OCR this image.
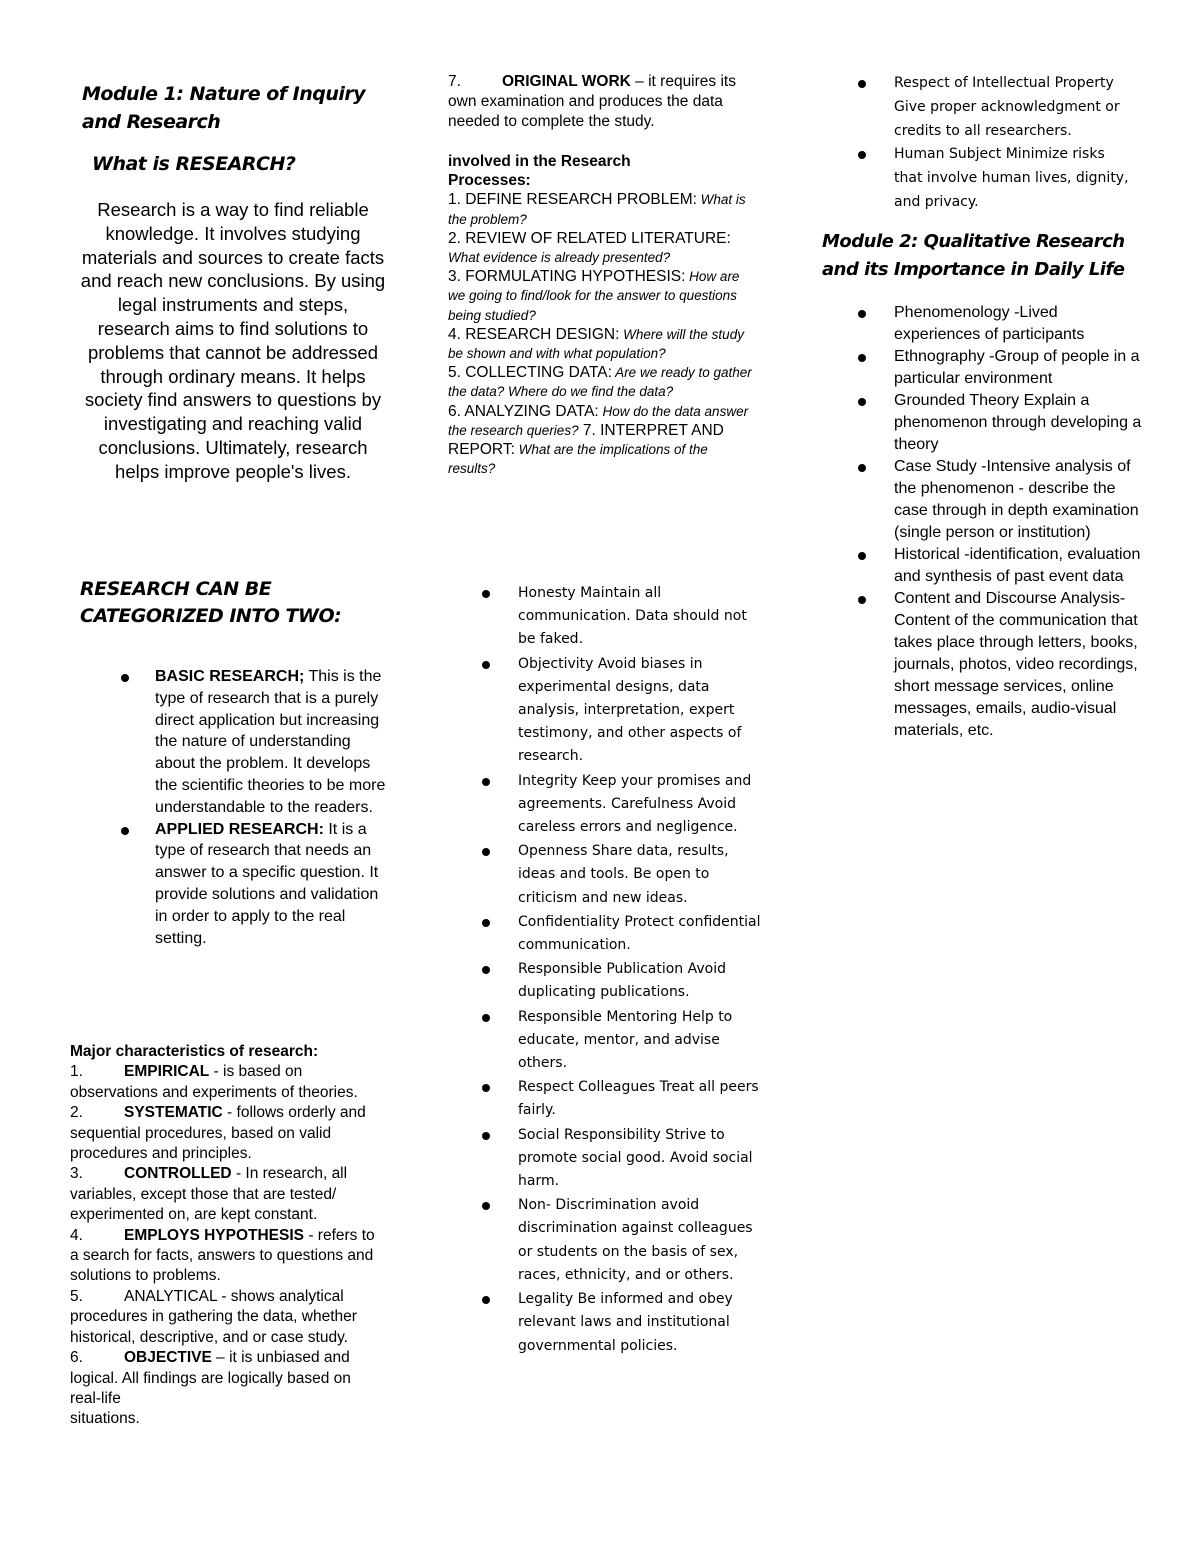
Module 1: Nature of Inquiry and Research

What is RESEARCH?

Research is a way to find reliable knowledge. It involves studying materials and sources to create facts and reach new conclusions. By using legal instruments and steps, research aims to find solutions to problems that cannot be addressed through ordinary means. It helps society find answers to questions by investigating and reaching valid conclusions. Ultimately, research helps improve people's lives.

RESEARCH CAN BE CATEGORIZED INTO TWO:

BASIC RESEARCH; This is the type of research that is a purely direct application but increasing the nature of understanding about the problem. It develops the scientific theories to be more understandable to the readers.
APPLIED RESEARCH: It is a type of research that needs an answer to a specific question. It provide solutions and validation in order to apply to the real setting.

Major characteristics of research:

1.	EMPIRICAL - is based on observations and experiments of theories.

2.	SYSTEMATIC - follows orderly and sequential procedures, based on valid procedures and principles.

3.	CONTROLLED - In research, all variables, except those that are tested/ experimented on, are kept constant.

4.	EMPLOYS HYPOTHESIS - refers to a search for facts, answers to questions and solutions to problems.

5.	ANALYTICAL - shows analytical procedures in gathering the data, whether historical, descriptive, and or case study.

6.	OBJECTIVE – it is unbiased and logical. All findings are logically based on real-life

situations.

7.	ORIGINAL WORK – it requires its own examination and produces the data needed to complete the study.

involved in the Research Processes:

1. DEFINE RESEARCH PROBLEM: What is the problem?

2. REVIEW OF RELATED LITERATURE: What evidence is already presented?

3. FORMULATING HYPOTHESIS: How are we going to find/look for the answer to questions being studied?

4. RESEARCH DESIGN: Where will the study be shown and with what population?

5. COLLECTING DATA: Are we ready to gather the data? Where do we find the data?

6. ANALYZING DATA: How do the data answer the research queries? 7. INTERPRET AND REPORT: What are the implications of the results?

Honesty Maintain all communication. Data should not be faked.
Objectivity Avoid biases in experimental designs, data analysis, interpretation, expert testimony, and other aspects of research.
Integrity Keep your promises and agreements. Carefulness Avoid careless errors and negligence.
Openness Share data, results, ideas and tools. Be open to criticism and new ideas.
Confidentiality Protect confidential communication.
Responsible Publication Avoid duplicating publications.
Responsible Mentoring Help to educate, mentor, and advise others.
Respect Colleagues Treat all peers fairly.
Social Responsibility Strive to promote social good. Avoid social harm.
Non- Discrimination avoid discrimination against colleagues or students on the basis of sex, races, ethnicity, and or others.
Legality Be informed and obey relevant laws and institutional governmental policies.
Respect of Intellectual Property Give proper acknowledgment or credits to all researchers.
Human Subject Minimize risks that involve human lives, dignity, and privacy.

Module 2: Qualitative Research and its Importance in Daily Life

Phenomenology -Lived experiences of participants
Ethnography -Group of people in a particular environment
Grounded Theory Explain a phenomenon through developing a theory
Case Study -Intensive analysis of the phenomenon - describe the case through in depth examination (single person or institution)
Historical -identification, evaluation and synthesis of past event data
Content and Discourse Analysis- Content of the communication that takes place through letters, books, journals, photos, video recordings, short message services, online messages, emails, audio-visual materials, etc.
